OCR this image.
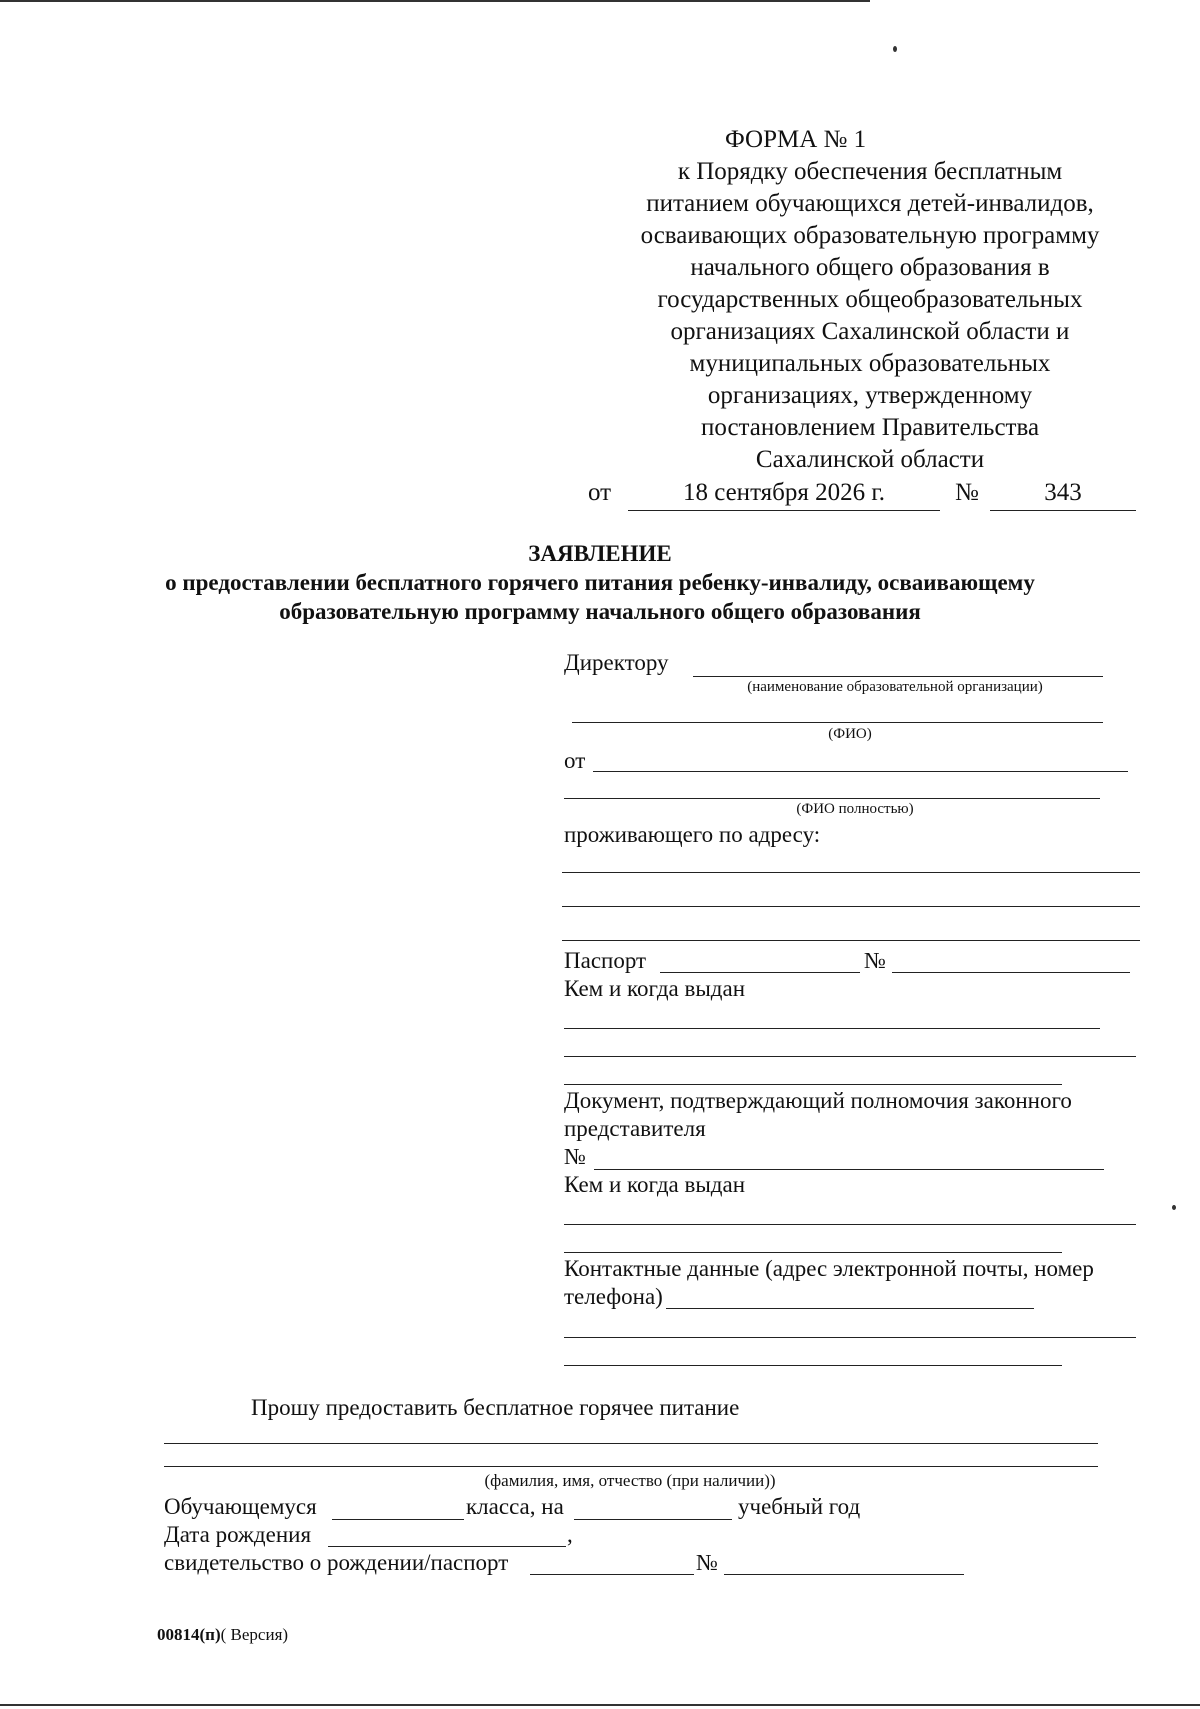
ФОРМА № 1
к Порядку обеспечения бесплатным
питанием обучающихся детей-инвалидов,
осваивающих образовательную программу
начального общего образования в
государственных общеобразовательных
организациях Сахалинской области и
муниципальных образовательных
организациях, утвержденному
постановлением Правительства
Сахалинской области
от	18 сентября 2026 г.	№	343
ЗАЯВЛЕНИЕ
о предоставлении бесплатного горячего питания ребенку-инвалиду, осваивающему
образовательную программу начального общего образования
Директору
(наименование образовательной организации)
(ФИО)
от
(ФИО полностью)
проживающего по адресу:
Паспорт	№
Кем и когда выдан
Документ, подтверждающий полномочия законного
представителя
№
Кем и когда выдан
Контактные данные (адрес электронной почты, номер
телефона)
Прошу предоставить бесплатное горячее питание
(фамилия, имя, отчество (при наличии))
Обучающемуся	класса, на	учебный год
Дата рождения	,
свидетельство о рождении/паспорт	№
00814(п)( Версия)
